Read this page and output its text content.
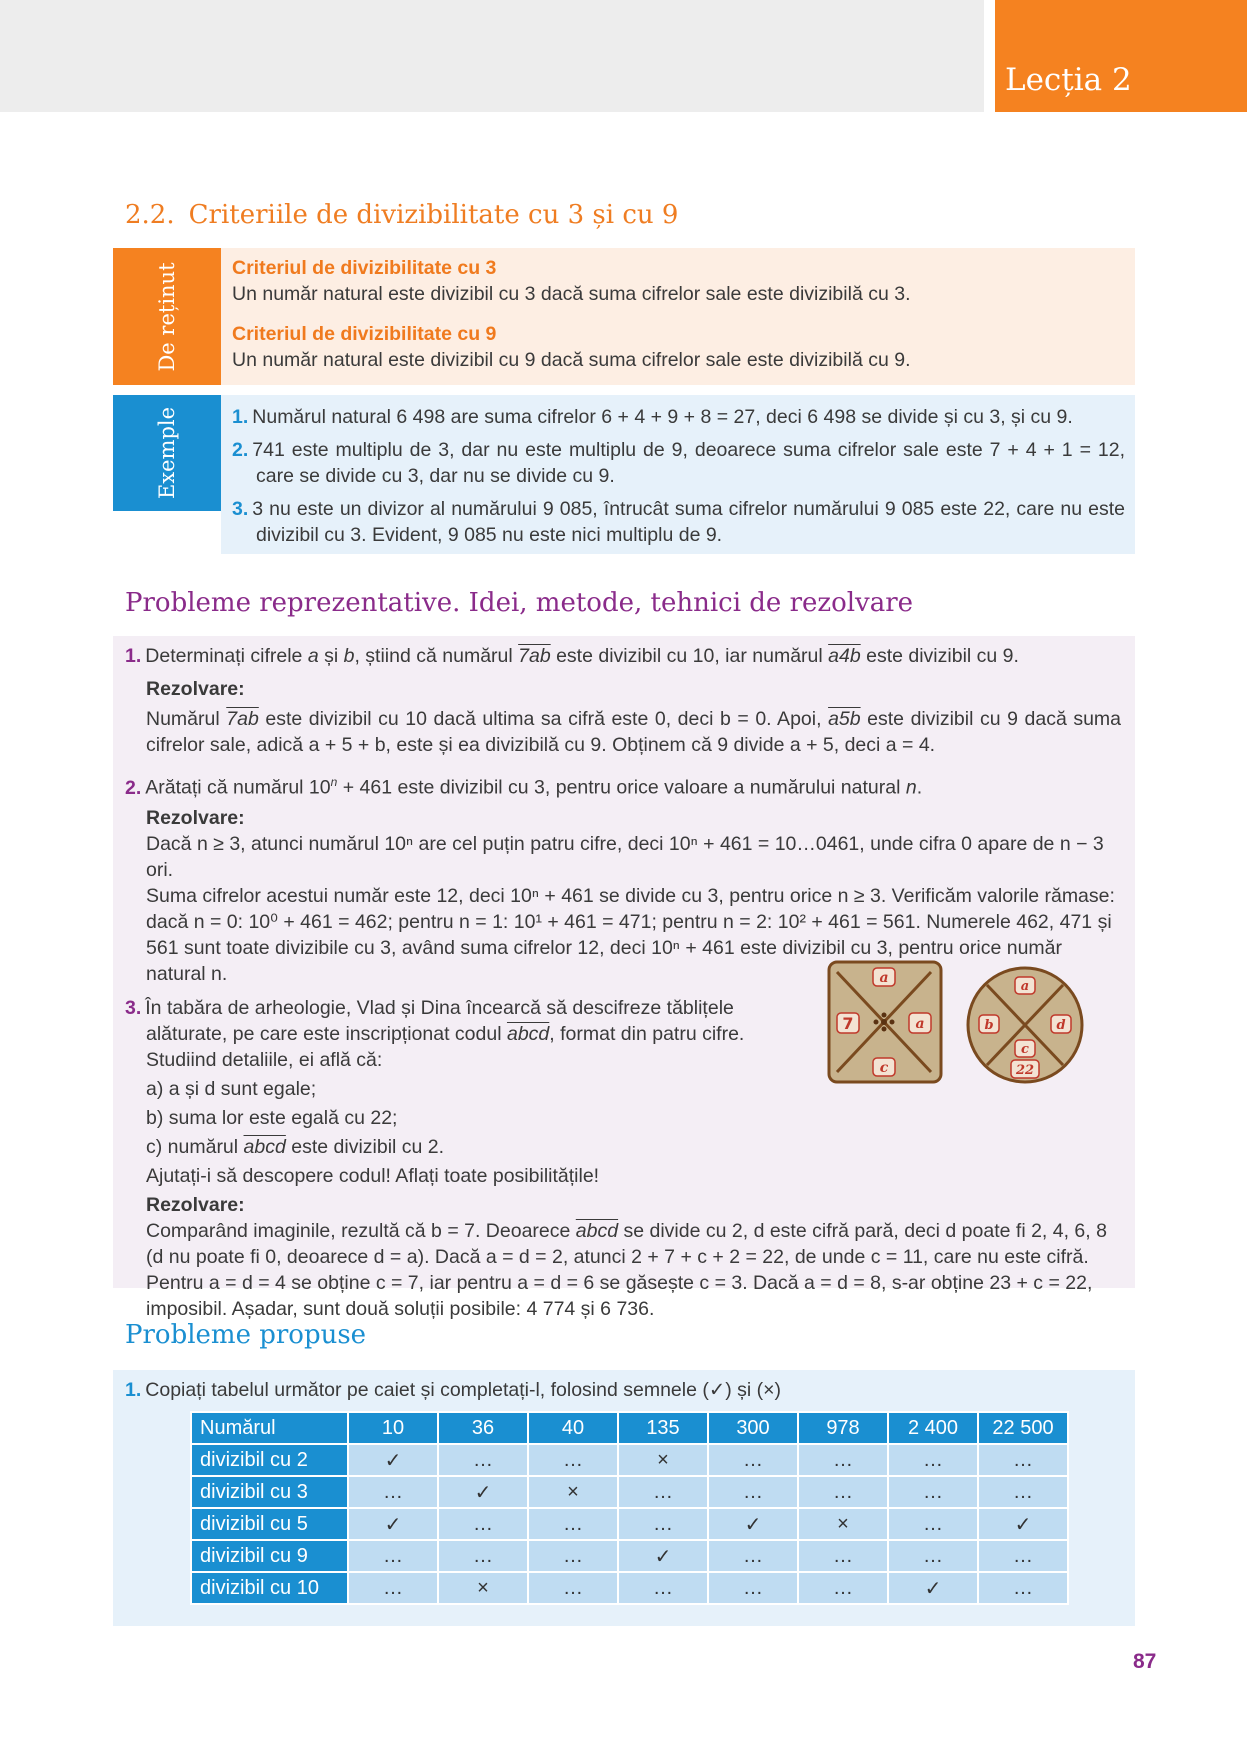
Lecția 2
2.2. Criteriile de divizibilitate cu 3 și cu 9
De reținut	Criteriul de divizibilitate cu 3
Un număr natural este divizibil cu 3 dacă suma cifrelor sale este divizibilă cu 3.
Criteriul de divizibilitate cu 9
Un număr natural este divizibil cu 9 dacă suma cifrelor sale este divizibilă cu 9.
Exemple	1. Numărul natural 6 498 are suma cifrelor 6 + 4 + 9 + 8 = 27, deci 6 498 se divide și cu 3, și cu 9.
2. 741 este multiplu de 3, dar nu este multiplu de 9, deoarece suma cifrelor sale este 7 + 4 + 1 = 12, care se divide cu 3, dar nu se divide cu 9.
3. 3 nu este un divizor al numărului 9 085, întrucât suma cifrelor numărului 9 085 este 22, care nu este divizibil cu 3. Evident, 9 085 nu este nici multiplu de 9.
Probleme reprezentative. Idei, metode, tehnici de rezolvare
1. Determinați cifrele a și b, știind că numărul 7ab este divizibil cu 10, iar numărul a4b este divizibil cu 9.
Rezolvare:
Numărul 7ab este divizibil cu 10 dacă ultima sa cifră este 0, deci b = 0. Apoi, a5b este divizibil cu 9 dacă suma cifrelor sale, adică a + 5 + b, este și ea divizibilă cu 9. Obținem că 9 divide a + 5, deci a = 4.
2. Arătați că numărul $10^n + 461$ este divizibil cu 3, pentru orice valoare a numărului natural n.
Rezolvare:
Dacă n ≥ 3, atunci numărul 10ⁿ are cel puțin patru cifre, deci 10ⁿ + 461 = 10…0461, unde cifra 0 apare de n − 3 ori.
Suma cifrelor acestui număr este 12, deci 10ⁿ + 461 se divide cu 3, pentru orice n ≥ 3. Verificăm valorile rămase:
dacă n = 0: 10⁰ + 461 = 462; pentru n = 1: 10¹ + 461 = 471; pentru n = 2: 10² + 461 = 561. Numerele 462, 471 și
561 sunt toate divizibile cu 3, având suma cifrelor 12, deci 10ⁿ + 461 este divizibil cu 3, pentru orice număr natural n.
3. În tabăra de arheologie, Vlad și Dina încearcă să descifreze tăblițele
alăturate, pe care este inscripționat codul abcd, format din patru cifre.
Studiind detaliile, ei află că:
a) a și d sunt egale;
b) suma lor este egală cu 22;
c) numărul abcd este divizibil cu 2.
Ajutați-i să descopere codul! Aflați toate posibilitățile!
Rezolvare:
Comparând imaginile, rezultă că b = 7. Deoarece abcd se divide cu 2, d este cifră pară, deci d poate fi 2, 4, 6, 8
(d nu poate fi 0, deoarece d = a). Dacă a = d = 2, atunci 2 + 7 + c + 2 = 22, de unde c = 11, care nu este cifră.
Pentru a = d = 4 se obține c = 7, iar pentru a = d = 6 se găsește c = 3. Dacă a = d = 8, s-ar obține 23 + c = 22,
imposibil. Așadar, sunt două soluții posibile: 4 774 și 6 736.
a
7	a
c
a
b	d
c
22
Probleme propuse
1. Copiați tabelul următor pe caiet și completați-l, folosind semnele (✓) și (×)
Numărul	10	36	40	135	300	978	2 400	22 500
divizibil cu 2	✓	…	…	×	…	…	…	…
divizibil cu 3	…	✓	×	…	…	…	…	…
divizibil cu 5	✓	…	…	…	✓	×	…	✓
divizibil cu 9	…	…	…	✓	…	…	…	…
divizibil cu 10	…	×	…	…	…	…	✓	…
87
